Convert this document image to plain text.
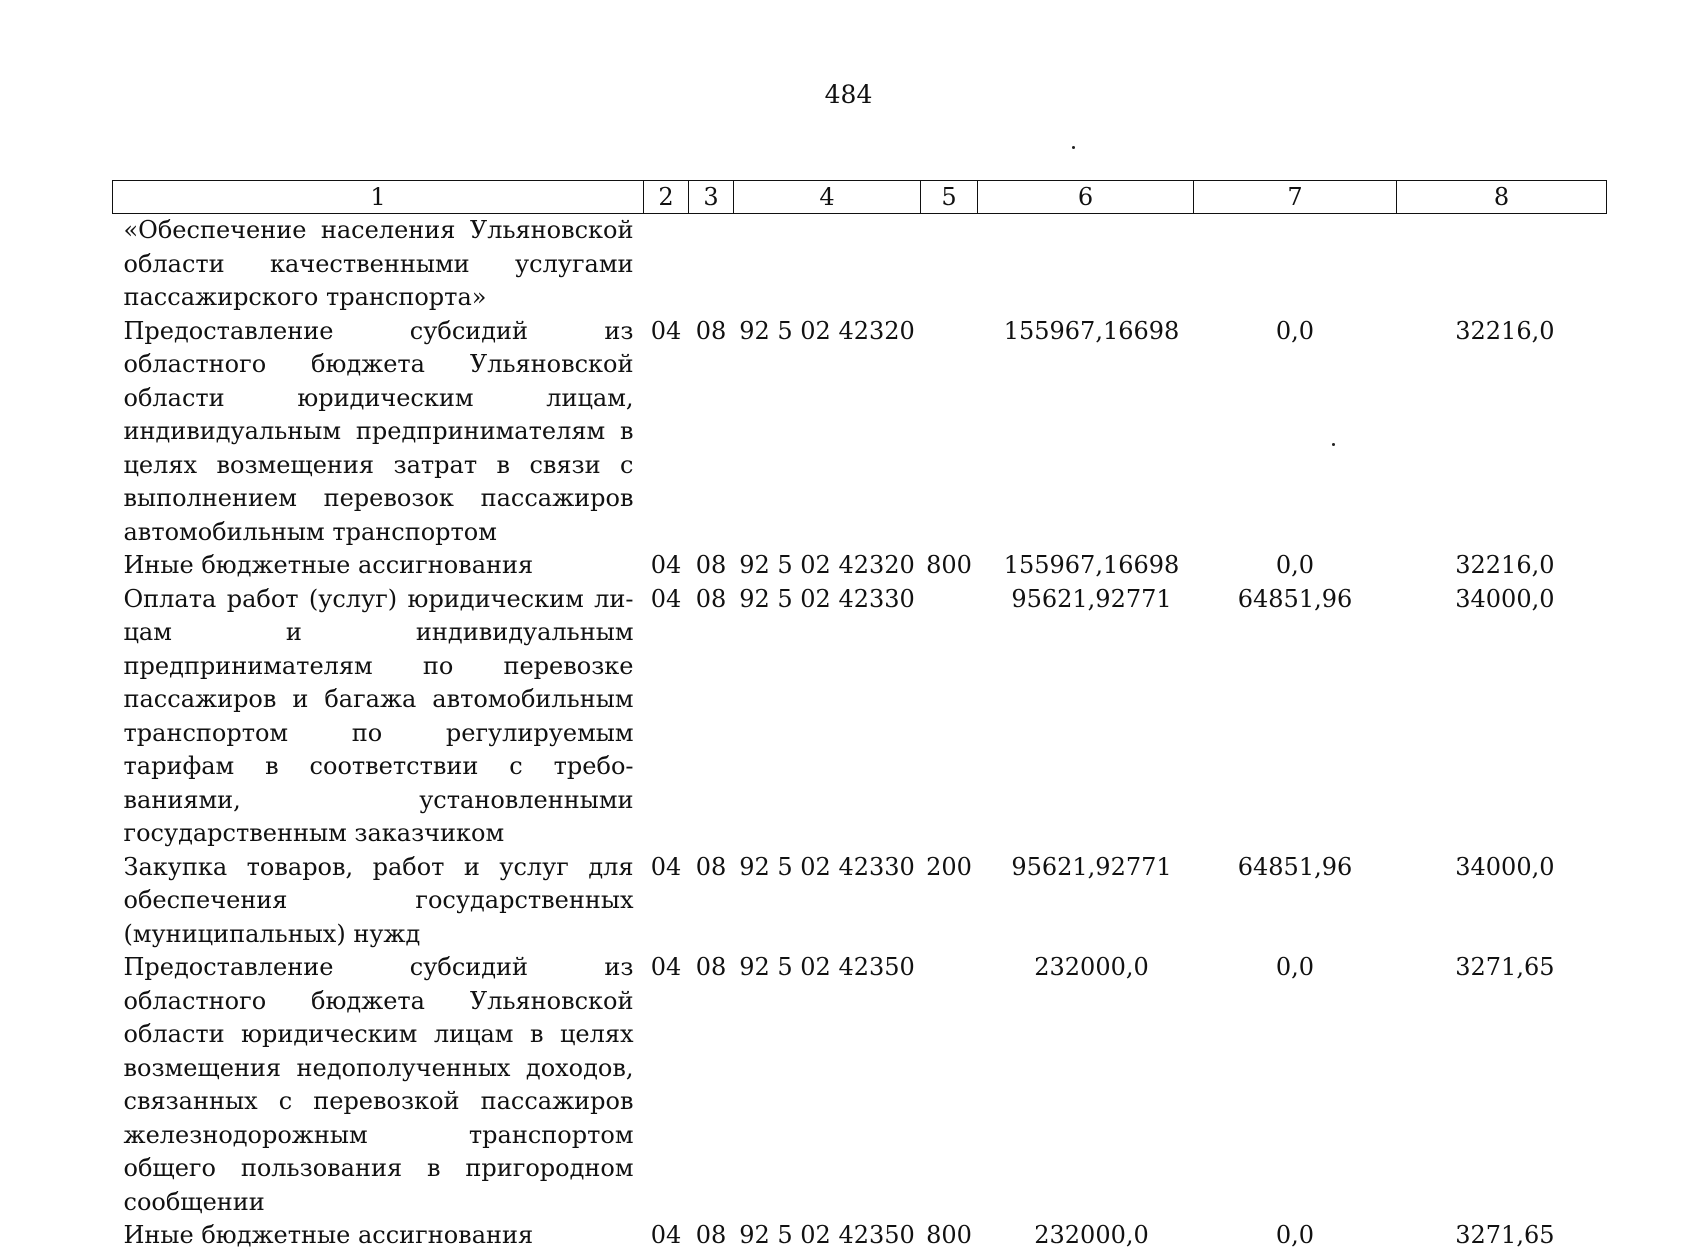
484
1	2	3	4	5	6	7	8
«Обеспечение населения Ульяновской области качественными услугами пассажирского транспорта»							
Предоставление субсидий из областного бюджета Ульяновской области юридическим лицам, индивидуальным предпринимателям в целях возмещения затрат в связи с выполнением перевозок пассажиров автомобильным транспортом	04	08	92 5 02 42320		155967,16698	0,0	32216,0
Иные бюджетные ассигнования	04	08	92 5 02 42320	800	155967,16698	0,0	32216,0
Оплата работ (услуг) юридическим лицам и индивидуальным предпринимателям по перевозке пассажиров и багажа автомобильным транспортом по регулируемым тарифам в соответствии с требованиями, установленными государственным заказчиком	04	08	92 5 02 42330		95621,92771	64851,96	34000,0
Закупка товаров, работ и услуг для обеспечения государственных (муниципальных) нужд	04	08	92 5 02 42330	200	95621,92771	64851,96	34000,0
Предоставление субсидий из областного бюджета Ульяновской области юридическим лицам в целях возмещения недополученных доходов, связанных с перевозкой пассажиров железнодорожным транспортом общего пользования в пригородном сообщении	04	08	92 5 02 42350		232000,0	0,0	3271,65
Иные бюджетные ассигнования	04	08	92 5 02 42350	800	232000,0	0,0	3271,65
